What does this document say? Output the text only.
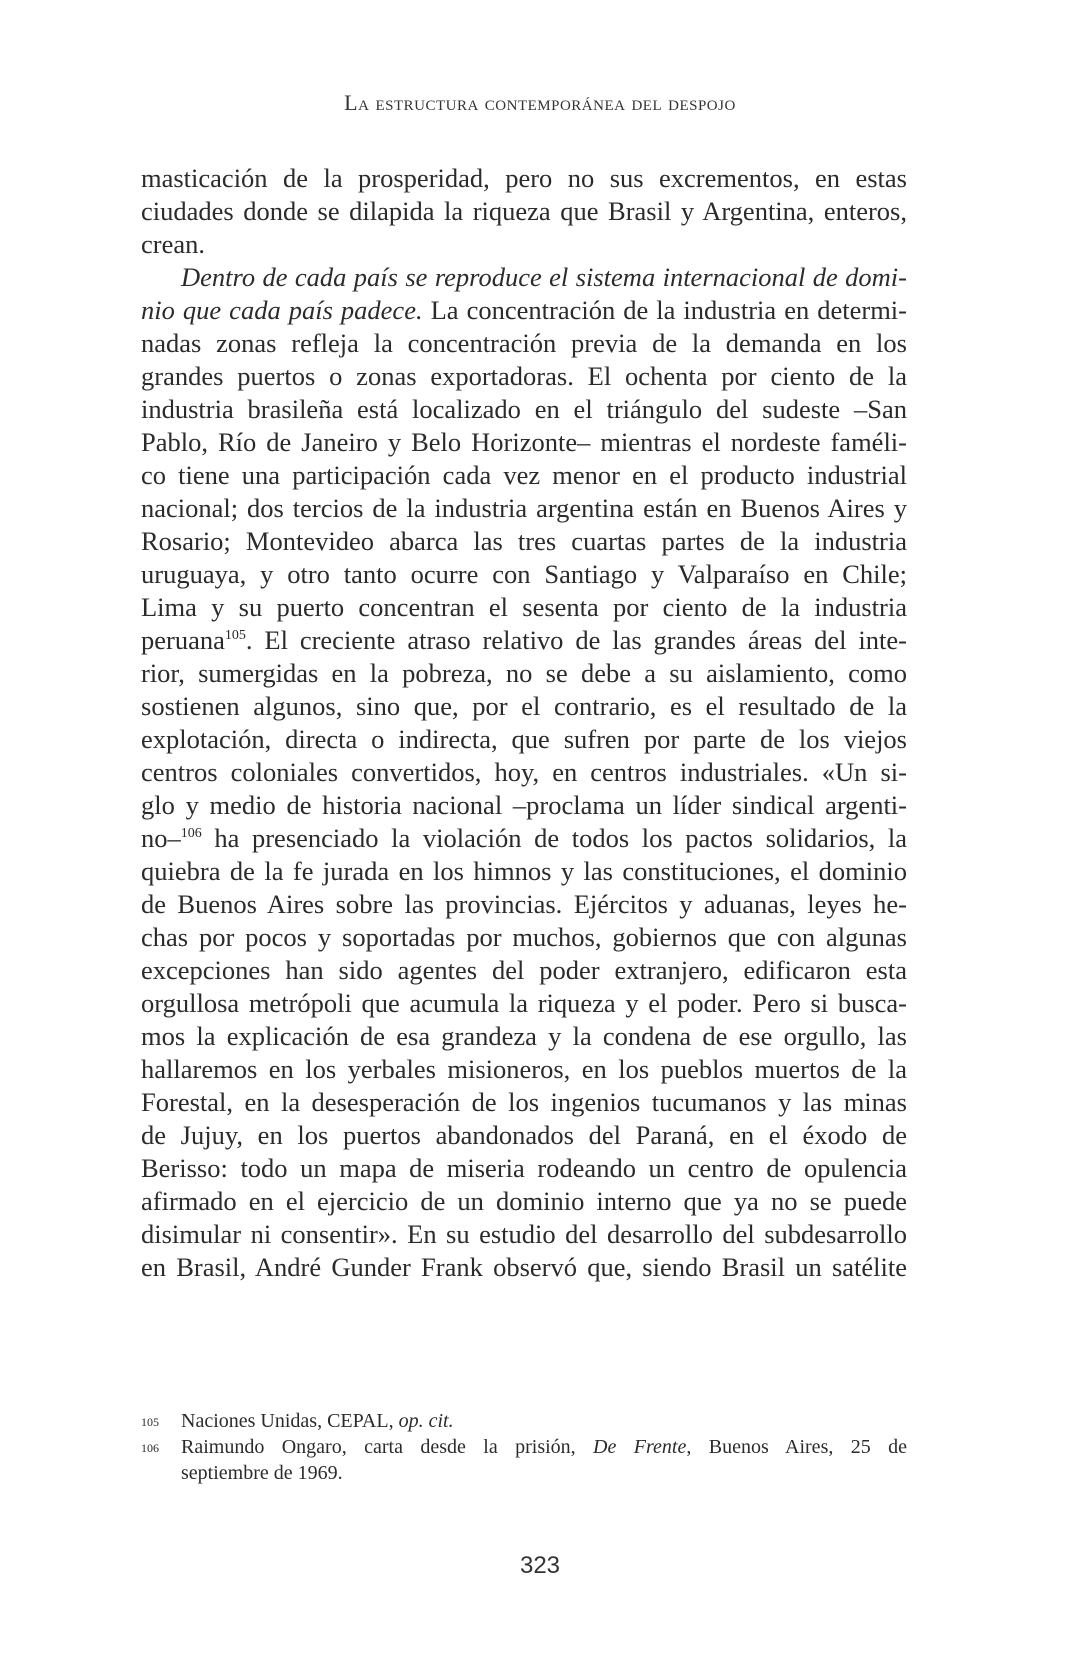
La estructura contemporánea del despojo
masticación de la prosperidad, pero no sus excrementos, en estas
ciudades donde se dilapida la riqueza que Brasil y Argentina, enteros,
crean.
Dentro de cada país se reproduce el sistema internacional de domi-
nio que cada país padece. La concentración de la industria en determi-
nadas zonas refleja la concentración previa de la demanda en los
grandes puertos o zonas exportadoras. El ochenta por ciento de la
industria brasileña está localizado en el triángulo del sudeste –San
Pablo, Río de Janeiro y Belo Horizonte– mientras el nordeste faméli-
co tiene una participación cada vez menor en el producto industrial
nacional; dos tercios de la industria argentina están en Buenos Aires y
Rosario; Montevideo abarca las tres cuartas partes de la industria
uruguaya, y otro tanto ocurre con Santiago y Valparaíso en Chile;
Lima y su puerto concentran el sesenta por ciento de la industria
peruana$^{105}$. El creciente atraso relativo de las grandes áreas del inte-
rior, sumergidas en la pobreza, no se debe a su aislamiento, como
sostienen algunos, sino que, por el contrario, es el resultado de la
explotación, directa o indirecta, que sufren por parte de los viejos
centros coloniales convertidos, hoy, en centros industriales. «Un si-
glo y medio de historia nacional –proclama un líder sindical argenti-
no–$^{106}$ ha presenciado la violación de todos los pactos solidarios, la
quiebra de la fe jurada en los himnos y las constituciones, el dominio
de Buenos Aires sobre las provincias. Ejércitos y aduanas, leyes he-
chas por pocos y soportadas por muchos, gobiernos que con algunas
excepciones han sido agentes del poder extranjero, edificaron esta
orgullosa metrópoli que acumula la riqueza y el poder. Pero si busca-
mos la explicación de esa grandeza y la condena de ese orgullo, las
hallaremos en los yerbales misioneros, en los pueblos muertos de la
Forestal, en la desesperación de los ingenios tucumanos y las minas
de Jujuy, en los puertos abandonados del Paraná, en el éxodo de
Berisso: todo un mapa de miseria rodeando un centro de opulencia
afirmado en el ejercicio de un dominio interno que ya no se puede
disimular ni consentir». En su estudio del desarrollo del subdesarrollo
en Brasil, André Gunder Frank observó que, siendo Brasil un satélite
105 Naciones Unidas, CEPAL, op. cit.
106 Raimundo Ongaro, carta desde la prisión, De Frente, Buenos Aires, 25 de
septiembre de 1969.
323
